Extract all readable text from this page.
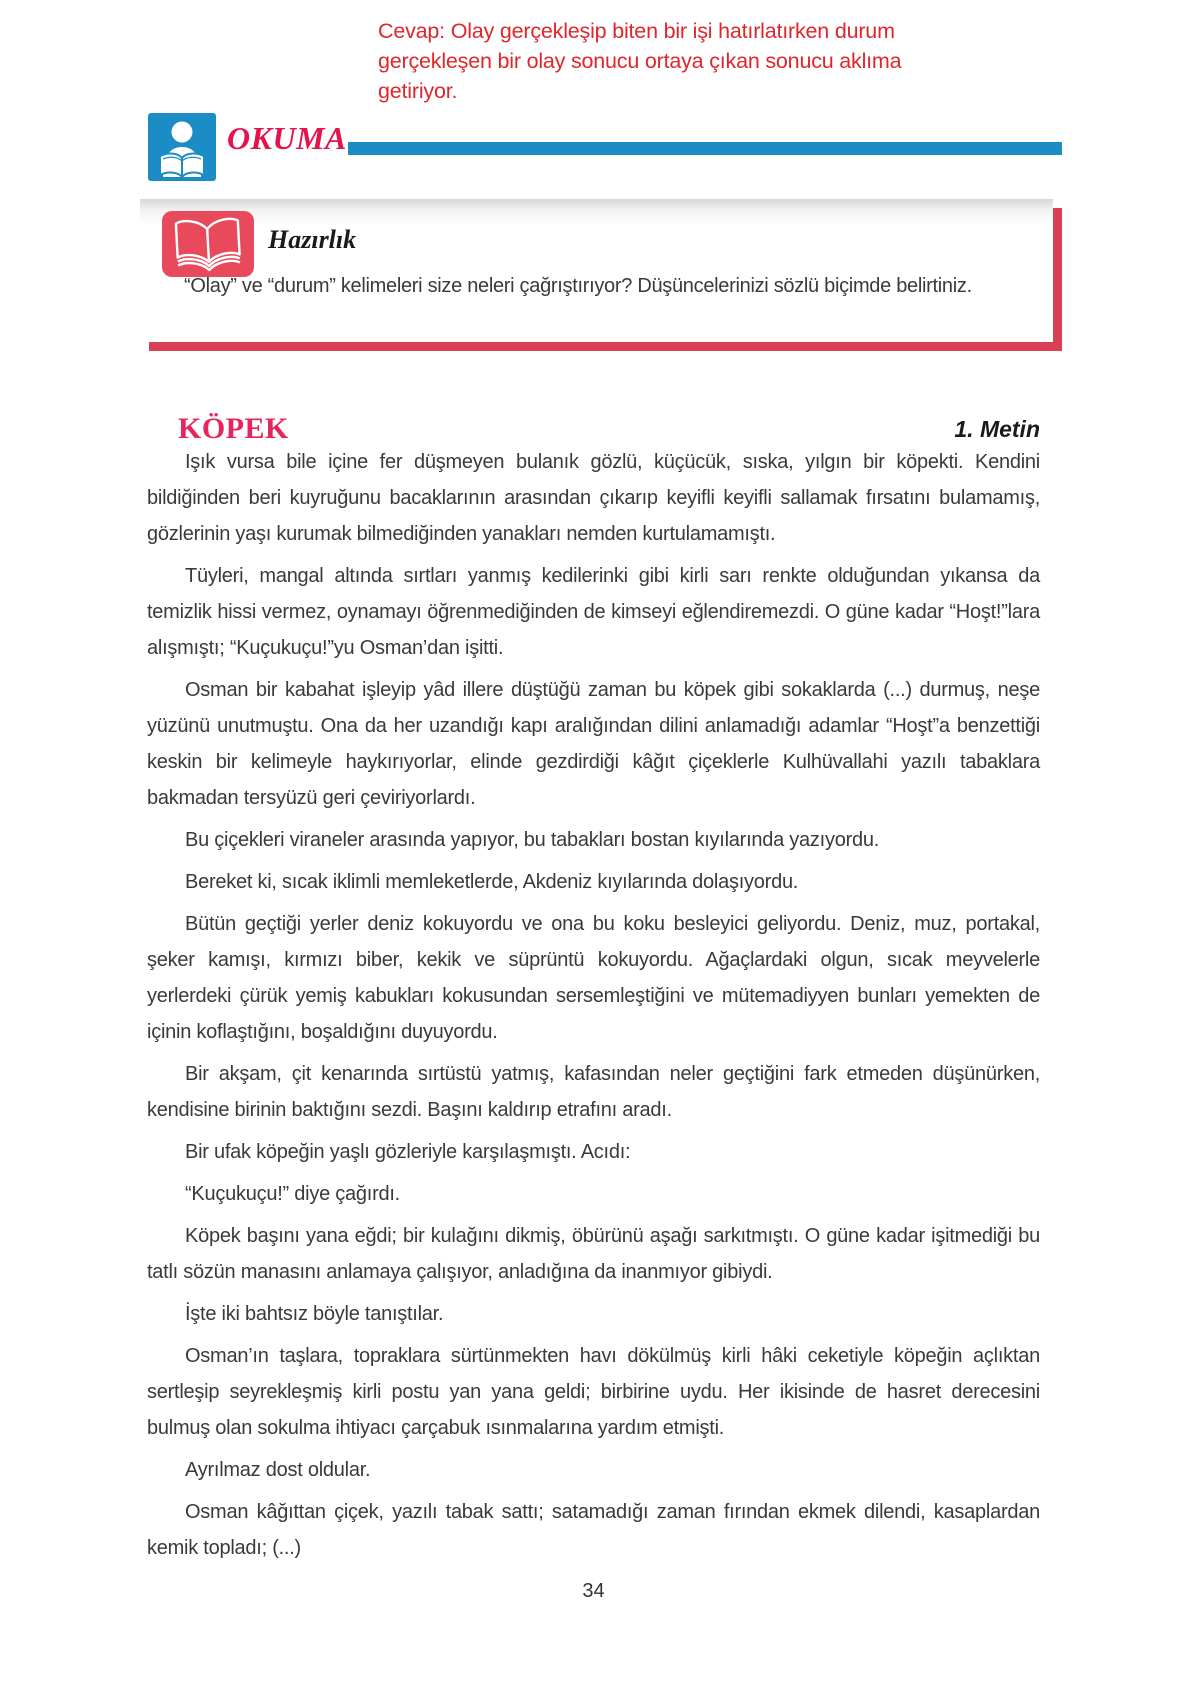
Cevap: Olay gerçekleşip biten bir işi hatırlatırken durum gerçekleşen bir olay sonucu ortaya çıkan sonucu aklıma getiriyor.
OKUMA
Hazırlık
“Olay” ve “durum” kelimeleri size neleri çağrıştırıyor? Düşüncelerinizi sözlü biçimde belirtiniz.
KÖPEK	1. Metin

Işık vursa bile içine fer düşmeyen bulanık gözlü, küçücük, sıska, yılgın bir köpekti. Kendini bildiğinden beri kuyruğunu bacaklarının arasından çıkarıp keyifli keyifli sallamak fırsatını bulamamış, gözlerinin yaşı kurumak bilmediğinden yanakları nemden kurtulamamıştı.

Tüyleri, mangal altında sırtları yanmış kedilerinki gibi kirli sarı renkte olduğundan yıkansa da temizlik hissi vermez, oynamayı öğrenmediğinden de kimseyi eğlendiremezdi. O güne kadar “Hoşt!”lara alışmıştı; “Kuçukuçu!”yu Osman’dan işitti.

Osman bir kabahat işleyip yâd illere düştüğü zaman bu köpek gibi sokaklarda (...) durmuş, neşe yüzünü unutmuştu. Ona da her uzandığı kapı aralığından dilini anlamadığı adamlar “Hoşt”a benzettiği keskin bir kelimeyle haykırıyorlar, elinde gezdirdiği kâğıt çiçeklerle Kulhüvallahi yazılı tabaklara bakmadan tersyüzü geri çeviriyorlardı.

Bu çiçekleri viraneler arasında yapıyor, bu tabakları bostan kıyılarında yazıyordu.

Bereket ki, sıcak iklimli memleketlerde, Akdeniz kıyılarında dolaşıyordu.

Bütün geçtiği yerler deniz kokuyordu ve ona bu koku besleyici geliyordu. Deniz, muz, portakal, şeker kamışı, kırmızı biber, kekik ve süprüntü kokuyordu. Ağaçlardaki olgun, sıcak meyvelerle yerlerdeki çürük yemiş kabukları kokusundan sersemleştiğini ve mütemadiyyen bunları yemekten de içinin koflaştığını, boşaldığını duyuyordu.

Bir akşam, çit kenarında sırtüstü yatmış, kafasından neler geçtiğini fark etmeden düşünürken, kendisine birinin baktığını sezdi. Başını kaldırıp etrafını aradı.

Bir ufak köpeğin yaşlı gözleriyle karşılaşmıştı. Acıdı:

“Kuçukuçu!” diye çağırdı.

Köpek başını yana eğdi; bir kulağını dikmiş, öbürünü aşağı sarkıtmıştı. O güne kadar işitmediği bu tatlı sözün manasını anlamaya çalışıyor, anladığına da inanmıyor gibiydi.

İşte iki bahtsız böyle tanıştılar.

Osman’ın taşlara, topraklara sürtünmekten havı dökülmüş kirli hâki ceketiyle köpeğin açlıktan sertleşip seyrekleşmiş kirli postu yan yana geldi; birbirine uydu. Her ikisinde de hasret derecesini bulmuş olan sokulma ihtiyacı çarçabuk ısınmalarına yardım etmişti.

Ayrılmaz dost oldular.

Osman kâğıttan çiçek, yazılı tabak sattı; satamadığı zaman fırından ekmek dilendi, kasaplardan kemik topladı; (...)

34
